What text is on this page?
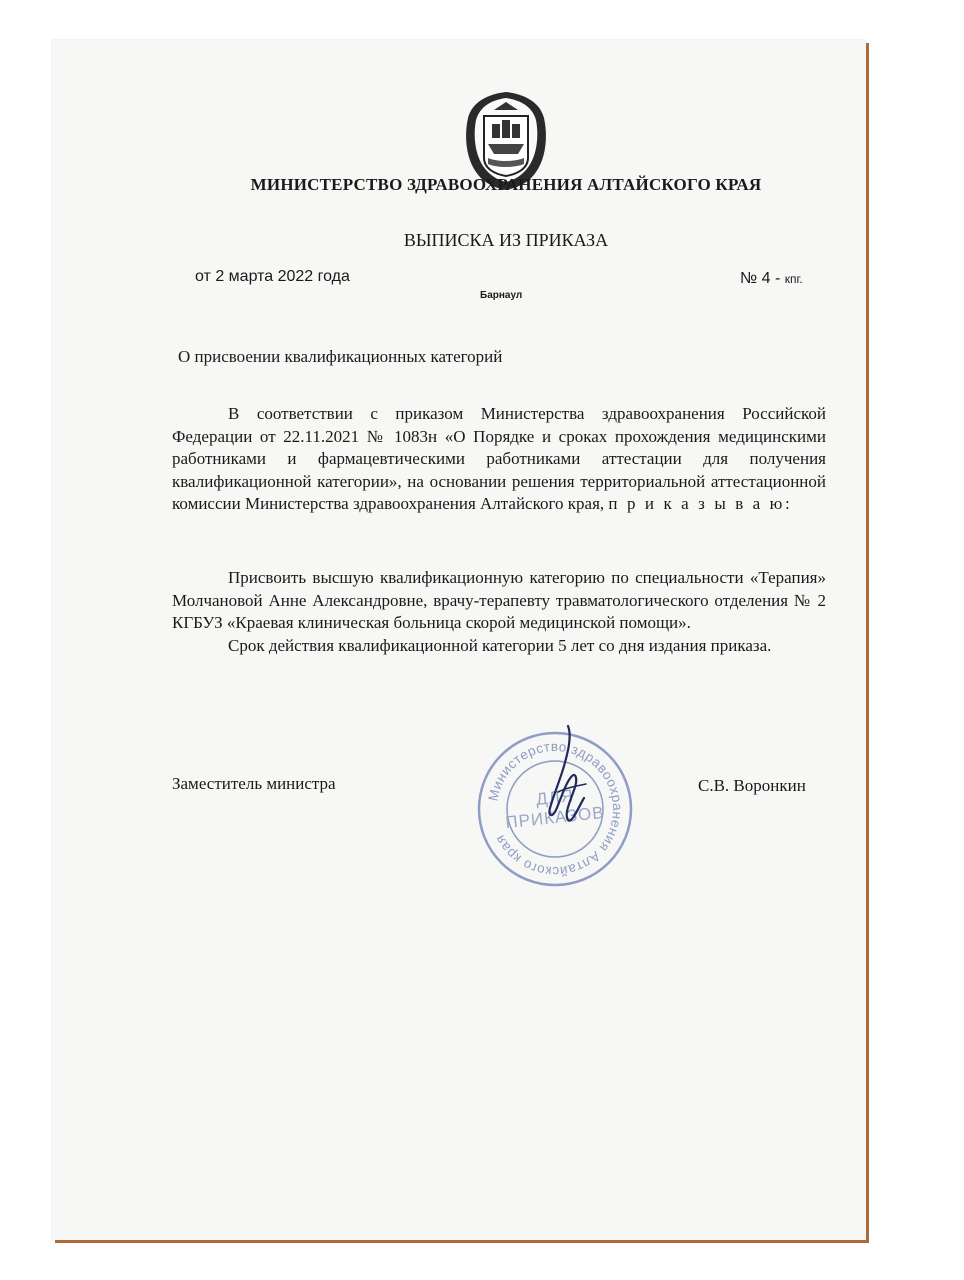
МИНИСТЕРСТВО ЗДРАВООХРАНЕНИЯ АЛТАЙСКОГО КРАЯ
ВЫПИСКА ИЗ ПРИКАЗА
от 2 марта 2022 года	№ 4 - кпг.
Барнаул
О присвоении квалификационных категорий

В соответствии с приказом Министерства здравоохранения Российской Федерации от 22.11.2021 № 1083н «О Порядке и сроках прохождения медицинскими работниками и фармацевтическими работниками аттестации для получения квалификационной категории», на основании решения территориальной аттестационной комиссии Министерства здравоохранения Алтайского края, п р и к а з ы в а ю:

Присвоить высшую квалификационную категорию по специальности «Терапия» Молчановой Анне Александровне, врачу-терапевту травматологического отделения № 2 КГБУЗ «Краевая клиническая больница скорой медицинской помощи».

Срок действия квалификационной категории 5 лет со дня издания приказа.

Заместитель министра	С.В. Воронкин
Министерство здравоохранения Алтайского края
ДЛЯ
ПРИКАЗОВ
